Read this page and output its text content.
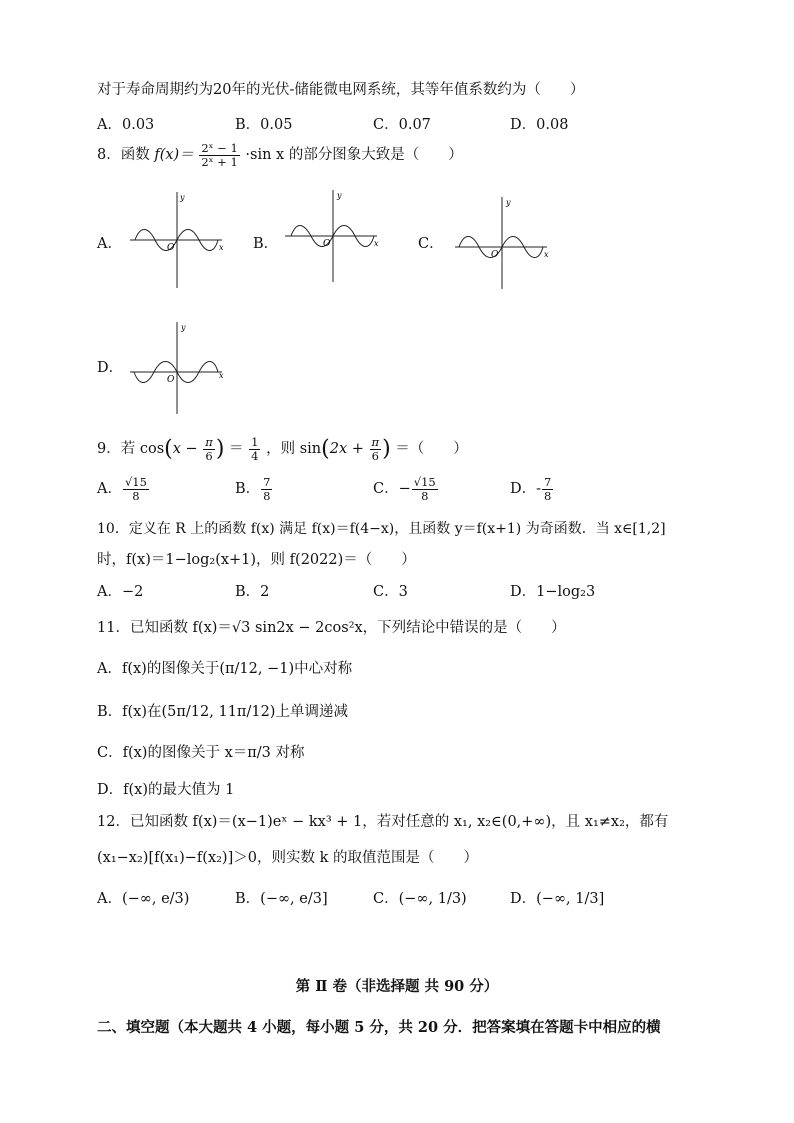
对于寿命周期约为20年的光伏-储能微电网系统，其等年值系数约为（　　）
A．0.03	B．0.05	C．0.07	D．0.08
8．函数 $f(x)= \frac{\text{2ˣ − 1}}{\text{2ˣ + 1}} \cdot\sin$ x 的部分图象大致是（　　）
A．	B．	C．
D．
x
y
O	x
y
O
x
y
O
x
y
O
9．若 $\cos(x - \frac{\pi}{6}$ ) ＝ $\frac{1}{4}$ ，则 $\sin(2x + \frac{\pi}{6}$ ) ＝（　　）
A． $\frac{√15}{8}$	B． $\frac{7}{8}$	C．− $\frac{√15}{8}$	D．- $\frac{7}{8}$
10．定义在 R 上的函数 f(x) 满足 f(x)＝f(4−x)，且函数 y＝f(x+1) 为奇函数．当 x∈[1,2]
时，f(x)＝1−log₂(x+1)，则 f(2022)＝（　　）
A．−2	B．2	C．3	D．1−log₂3
11．已知函数 f(x)＝√3 sin2x − 2cos²x，下列结论中错误的是（　　）
A．f(x)的图像关于(π/12, −1)中心对称
B．f(x)在(5π/12, 11π/12)上单调递减
C．f(x)的图像关于 x＝π/3 对称
D．f(x)的最大值为 1
12．已知函数 f(x)＝(x−1)eˣ − kx³ + 1，若对任意的 x₁, x₂∈(0,+∞)，且 x₁≠x₂，都有
(x₁−x₂)[f(x₁)−f(x₂)]＞0，则实数 k 的取值范围是（　　）
A．(−∞, e/3)	B．(−∞, e/3]	C．(−∞, 1/3)	D．(−∞, 1/3]
第 Ⅱ 卷（非选择题 共 90 分）
二、填空题（本大题共 4 小题，每小题 5 分，共 20 分．把答案填在答题卡中相应的横
